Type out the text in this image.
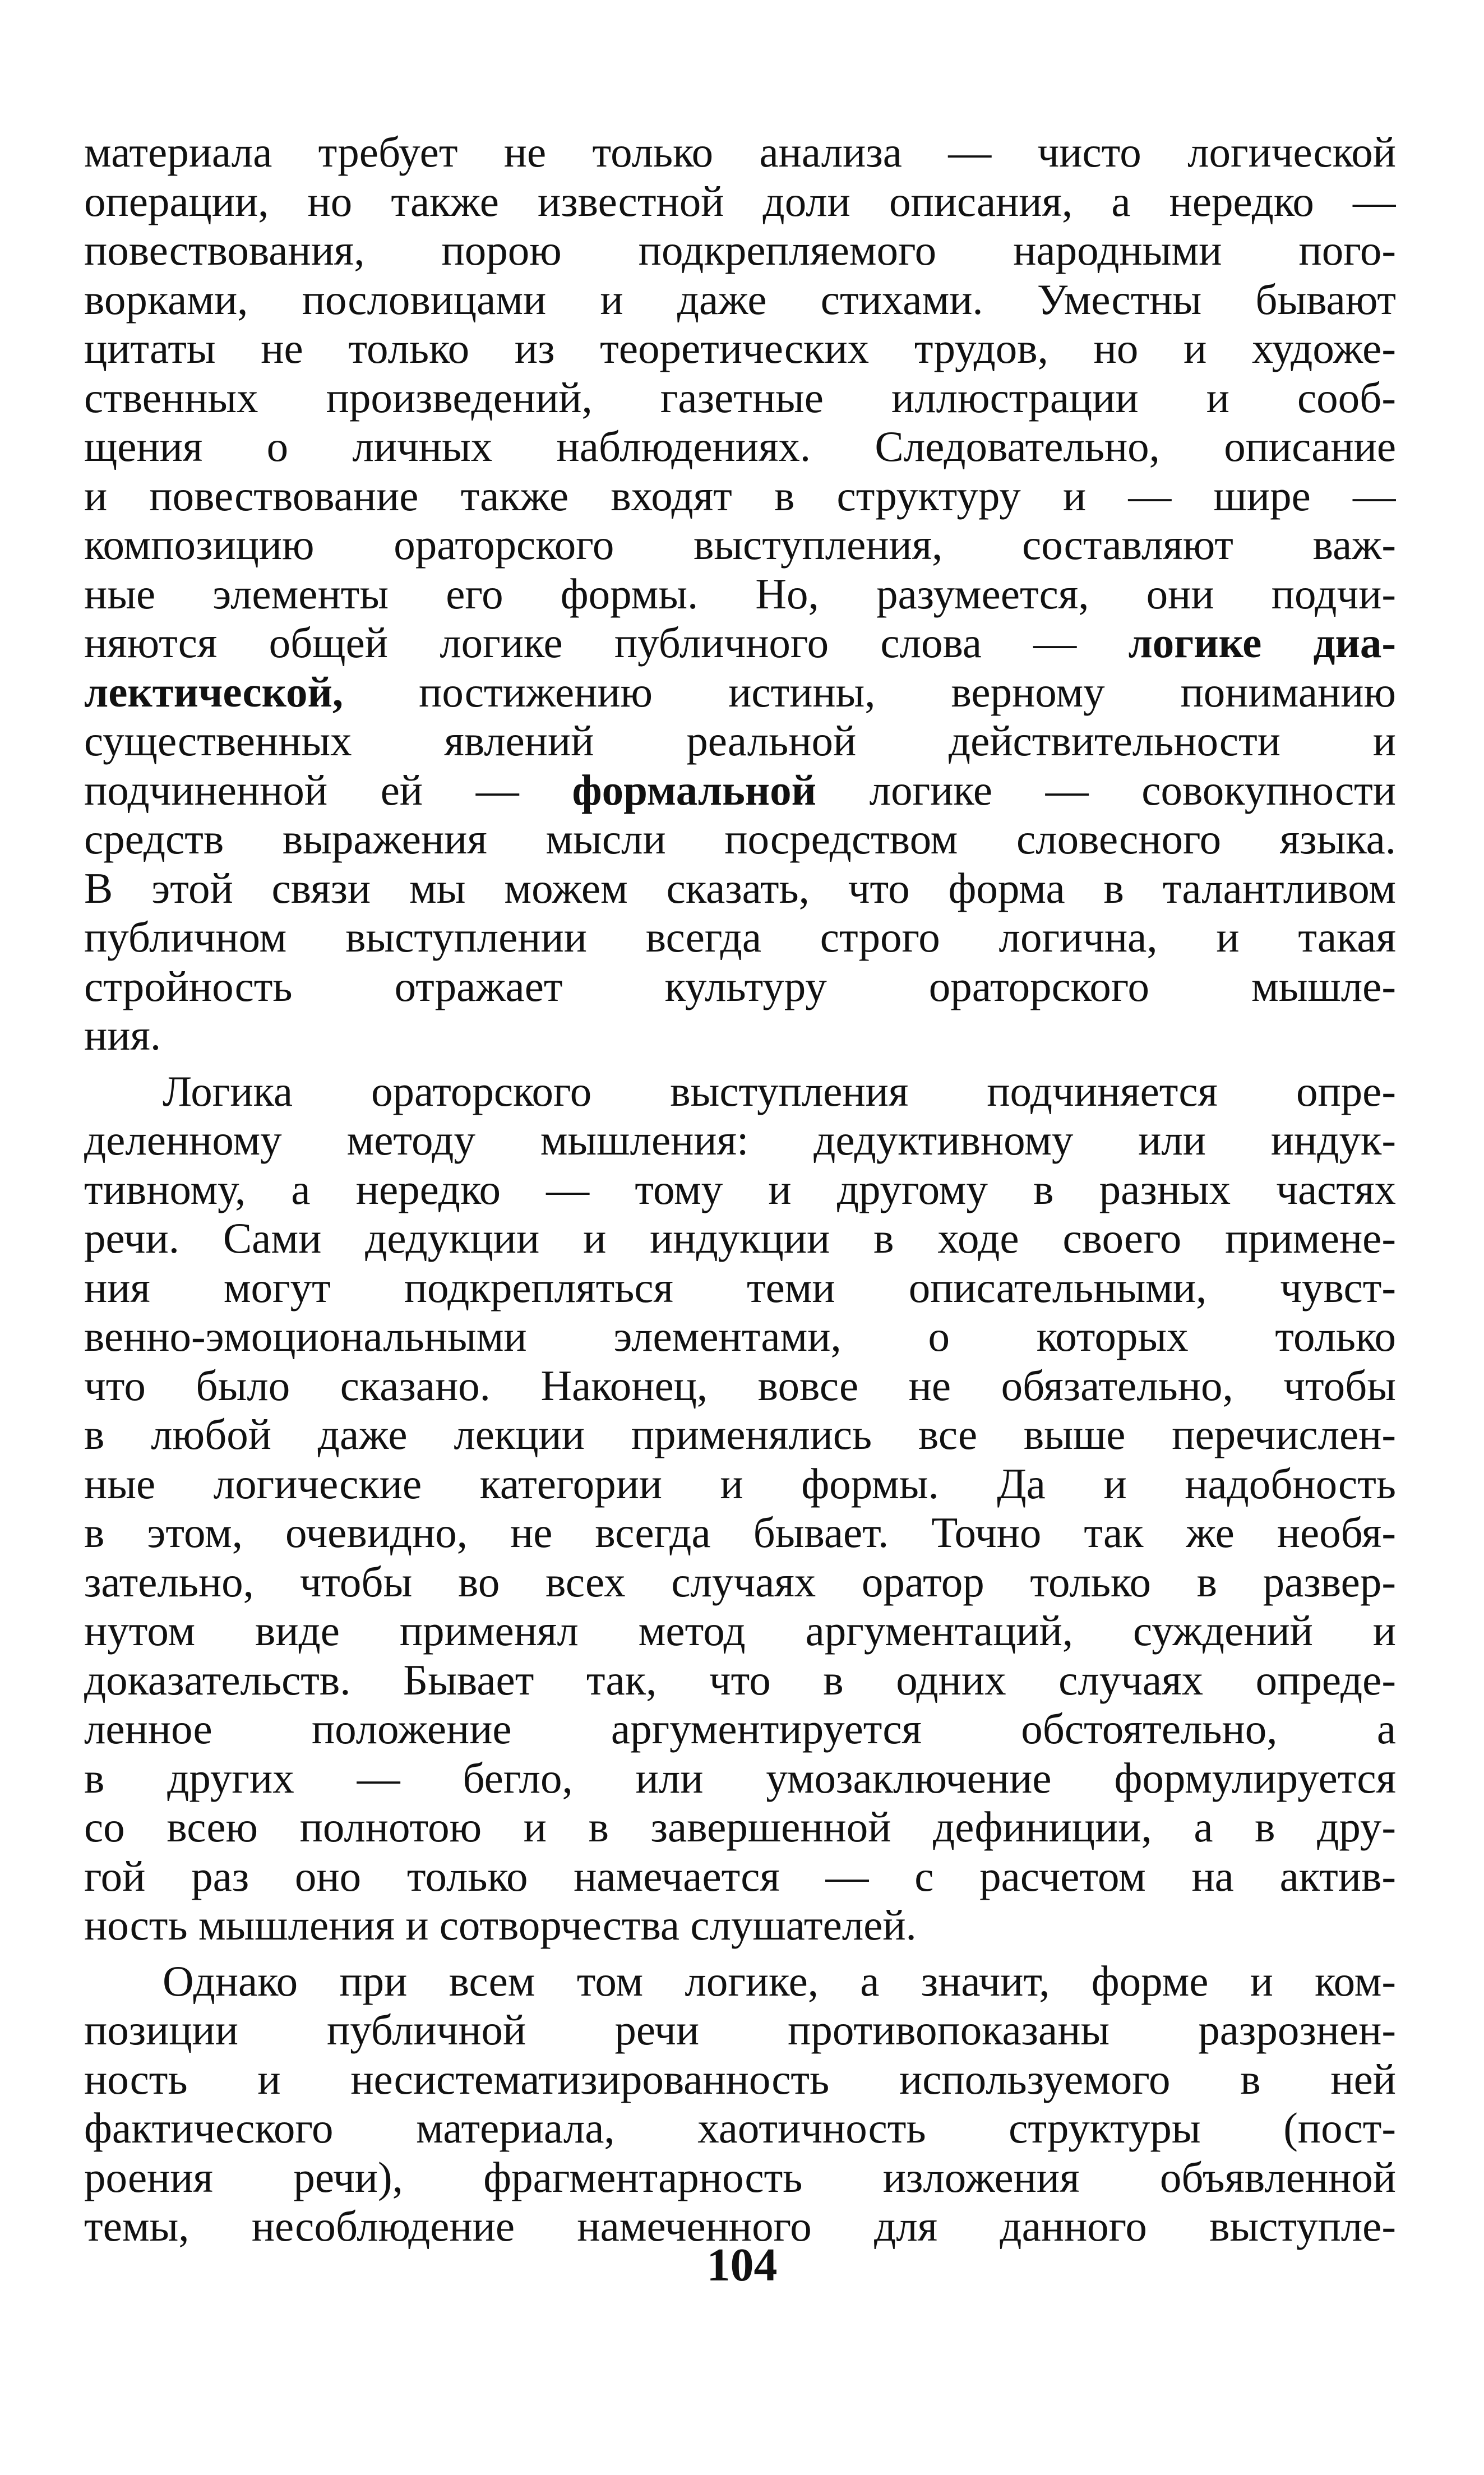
материала требует не только анализа — чисто логической
операции, но также известной доли описания, а нередко —
повествования, порою подкрепляемого народными пого-
ворками, пословицами и даже стихами. Уместны бывают
цитаты не только из теоретических трудов, но и художе-
ственных произведений, газетные иллюстрации и сооб-
щения о личных наблюдениях. Следовательно, описание
и повествование также входят в структуру и — шире —
композицию ораторского выступления, составляют важ-
ные элементы его формы. Но, разумеется, они подчи-
няются общей логике публичного слова — логике диа-
лектической, постижению истины, верному пониманию
существенных явлений реальной действительности и
подчиненной ей — формальной логике — совокупности
средств выражения мысли посредством словесного языка.
В этой связи мы можем сказать, что форма в талантливом
публичном выступлении всегда строго логична, и такая
стройность отражает культуру ораторского мышле-
ния.
Логика ораторского выступления подчиняется опре-
деленному методу мышления: дедуктивному или индук-
тивному, а нередко — тому и другому в разных частях
речи. Сами дедукции и индукции в ходе своего примене-
ния могут подкрепляться теми описательными, чувст-
венно-эмоциональными элементами, о которых только
что было сказано. Наконец, вовсе не обязательно, чтобы
в любой даже лекции применялись все выше перечислен-
ные логические категории и формы. Да и надобность
в этом, очевидно, не всегда бывает. Точно так же необя-
зательно, чтобы во всех случаях оратор только в развер-
нутом виде применял метод аргументаций, суждений и
доказательств. Бывает так, что в одних случаях опреде-
ленное положение аргументируется обстоятельно, а
в других — бегло, или умозаключение формулируется
со всею полнотою и в завершенной дефиниции, а в дру-
гой раз оно только намечается — с расчетом на актив-
ность мышления и сотворчества слушателей.
Однако при всем том логике, а значит, форме и ком-
позиции публичной речи противопоказаны разрознен-
ность и несистематизированность используемого в ней
фактического материала, хаотичность структуры (пост-
роения речи), фрагментарность изложения объявленной
темы, несоблюдение намеченного для данного выступле-
104
